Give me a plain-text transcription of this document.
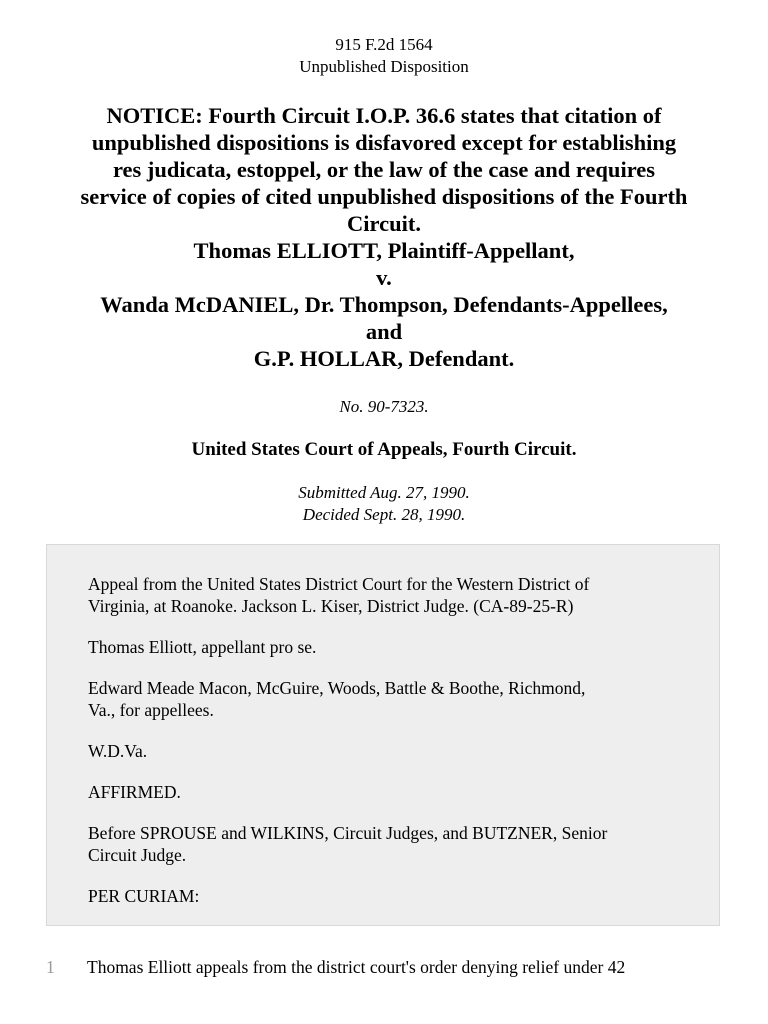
915 F.2d 1564
Unpublished Disposition
NOTICE: Fourth Circuit I.O.P. 36.6 states that citation of
unpublished dispositions is disfavored except for establishing
res judicata, estoppel, or the law of the case and requires
service of copies of cited unpublished dispositions of the Fourth
Circuit.
Thomas ELLIOTT, Plaintiff-Appellant,
v.
Wanda McDANIEL, Dr. Thompson, Defendants-Appellees,
and
G.P. HOLLAR, Defendant.
No. 90-7323.
United States Court of Appeals, Fourth Circuit.
Submitted Aug. 27, 1990.
Decided Sept. 28, 1990.

Appeal from the United States District Court for the Western District of
Virginia, at Roanoke. Jackson L. Kiser, District Judge. (CA-89-25-R)

Thomas Elliott, appellant pro se.

Edward Meade Macon, McGuire, Woods, Battle & Boothe, Richmond,
Va., for appellees.

W.D.Va.

AFFIRMED.

Before SPROUSE and WILKINS, Circuit Judges, and BUTZNER, Senior
Circuit Judge.

PER CURIAM:

1 Thomas Elliott appeals from the district court's order denying relief under 42
